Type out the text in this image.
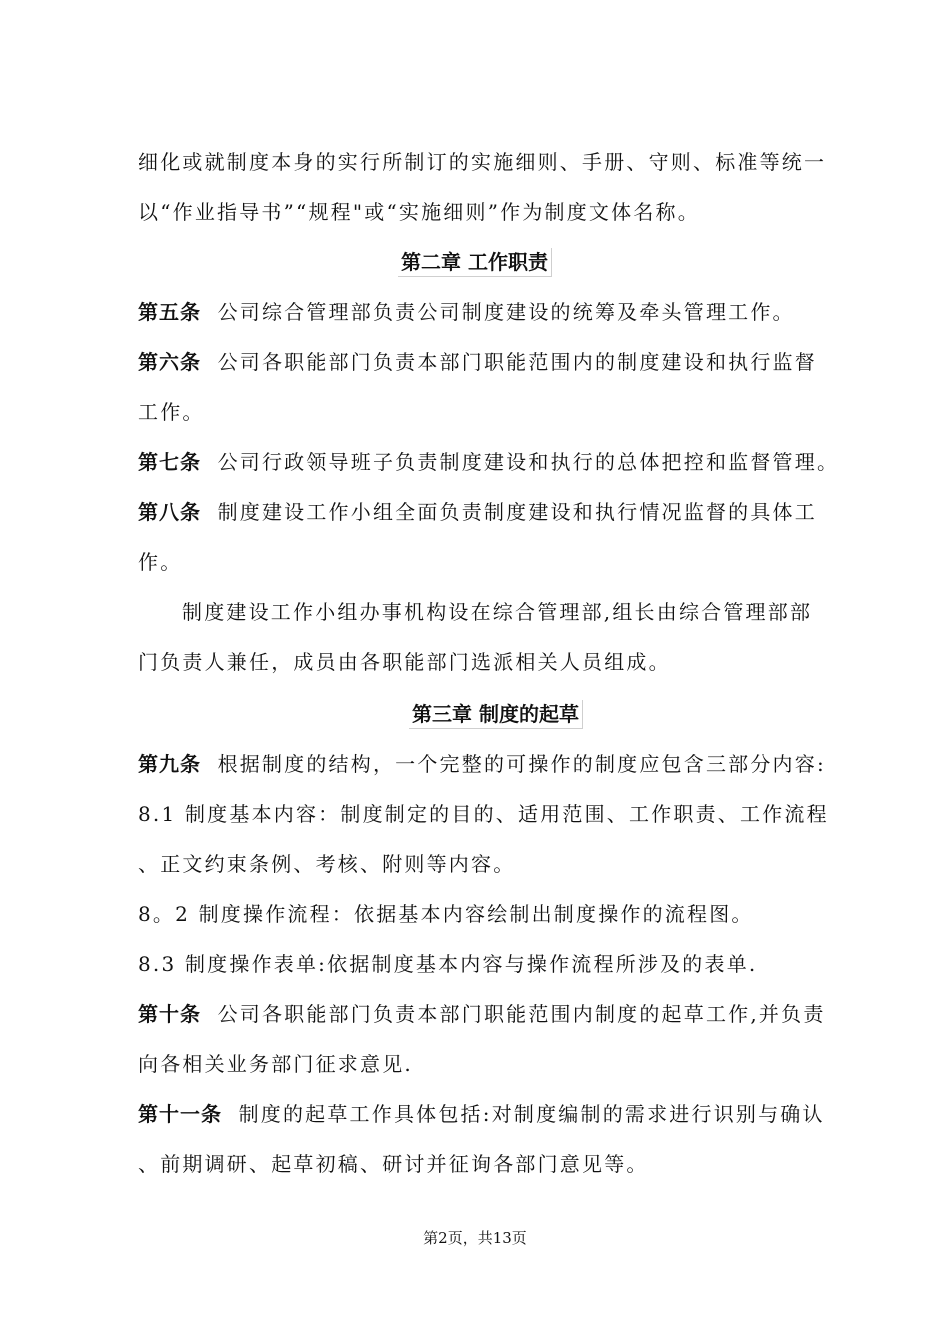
细化或就制度本身的实行所制订的实施细则、手册、守则、标准等统一
以“作业指导书”“规程"或“实施细则”作为制度文体名称。
第二章 工作职责
第五条 公司综合管理部负责公司制度建设的统筹及牵头管理工作。
第六条 公司各职能部门负责本部门职能范围内的制度建设和执行监督
工作。
第七条 公司行政领导班子负责制度建设和执行的总体把控和监督管理。
第八条 制度建设工作小组全面负责制度建设和执行情况监督的具体工
作。
制度建设工作小组办事机构设在综合管理部,组长由综合管理部部
门负责人兼任，成员由各职能部门选派相关人员组成。
第三章 制度的起草
第九条 根据制度的结构，一个完整的可操作的制度应包含三部分内容:
8.1 制度基本内容：制度制定的目的、适用范围、工作职责、工作流程
、正文约束条例、考核、附则等内容。
8。2 制度操作流程：依据基本内容绘制出制度操作的流程图。
8.3 制度操作表单:依据制度基本内容与操作流程所涉及的表单.
第十条 公司各职能部门负责本部门职能范围内制度的起草工作,并负责
向各相关业务部门征求意见.
第十一条 制度的起草工作具体包括:对制度编制的需求进行识别与确认
、前期调研、起草初稿、研讨并征询各部门意见等。
第2页，共13页
